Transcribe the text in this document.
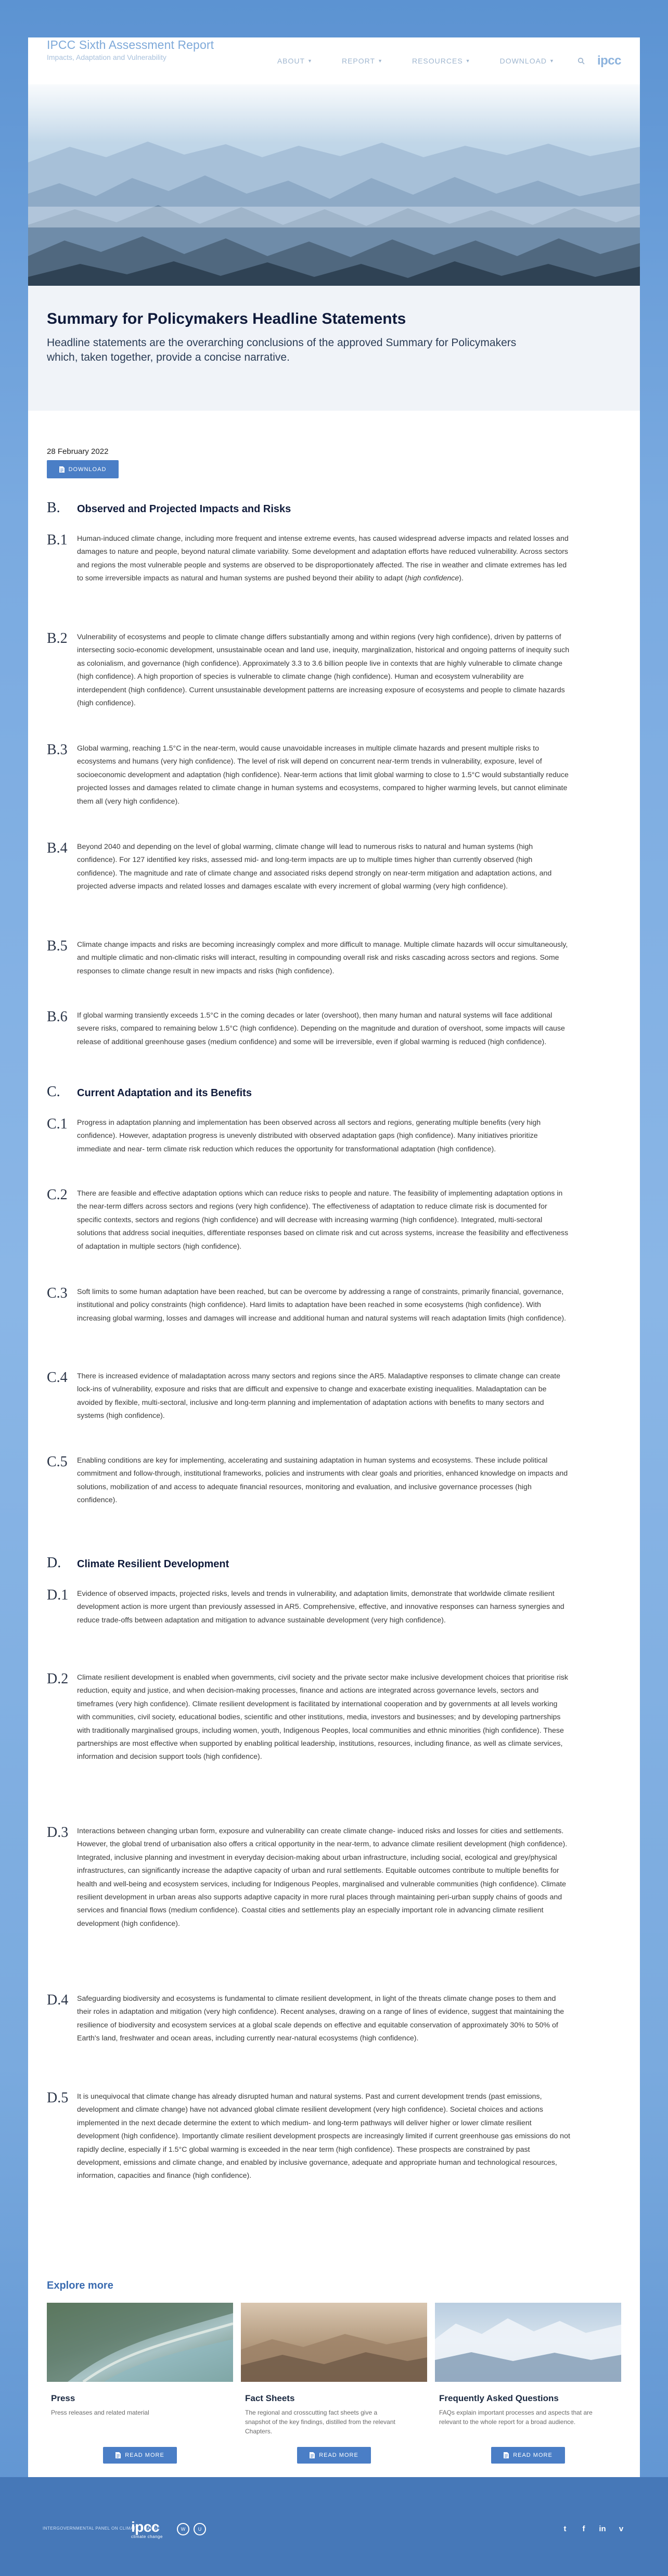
IPCC Sixth Assessment Report
Impacts, Adaptation and Vulnerability	ABOUT ▼	REPORT ▼	RESOURCES ▼	DOWNLOAD ▼	ipcc
Summary for Policymakers Headline Statements

Headline statements are the overarching conclusions of the approved Summary for Policymakers which, taken together, provide a concise narrative.

28 February 2022
DOWNLOAD
B.	Observed and Projected Impacts and Risks
B.1	Human-induced climate change, including more frequent and intense extreme events, has caused widespread adverse impacts and related losses and damages to nature and people, beyond natural climate variability. Some development and adaptation efforts have reduced vulnerability. Across sectors and regions the most vulnerable people and systems are observed to be disproportionately affected. The rise in weather and climate extremes has led to some irreversible impacts as natural and human systems are pushed beyond their ability to adapt (high confidence).
B.2	Vulnerability of ecosystems and people to climate change differs substantially among and within regions (very high confidence), driven by patterns of intersecting socio-economic development, unsustainable ocean and land use, inequity, marginalization, historical and ongoing patterns of inequity such as colonialism, and governance (high confidence). Approximately 3.3 to 3.6 billion people live in contexts that are highly vulnerable to climate change (high confidence). A high proportion of species is vulnerable to climate change (high confidence). Human and ecosystem vulnerability are interdependent (high confidence). Current unsustainable development patterns are increasing exposure of ecosystems and people to climate hazards (high confidence).
B.3	Global warming, reaching 1.5°C in the near-term, would cause unavoidable increases in multiple climate hazards and present multiple risks to ecosystems and humans (very high confidence). The level of risk will depend on concurrent near-term trends in vulnerability, exposure, level of socioeconomic development and adaptation (high confidence). Near-term actions that limit global warming to close to 1.5°C would substantially reduce projected losses and damages related to climate change in human systems and ecosystems, compared to higher warming levels, but cannot eliminate them all (very high confidence).
B.4	Beyond 2040 and depending on the level of global warming, climate change will lead to numerous risks to natural and human systems (high confidence). For 127 identified key risks, assessed mid- and long-term impacts are up to multiple times higher than currently observed (high confidence). The magnitude and rate of climate change and associated risks depend strongly on near-term mitigation and adaptation actions, and projected adverse impacts and related losses and damages escalate with every increment of global warming (very high confidence).
B.5	Climate change impacts and risks are becoming increasingly complex and more difficult to manage. Multiple climate hazards will occur simultaneously, and multiple climatic and non-climatic risks will interact, resulting in compounding overall risk and risks cascading across sectors and regions. Some responses to climate change result in new impacts and risks (high confidence).
B.6	If global warming transiently exceeds 1.5°C in the coming decades or later (overshoot), then many human and natural systems will face additional severe risks, compared to remaining below 1.5°C (high confidence). Depending on the magnitude and duration of overshoot, some impacts will cause release of additional greenhouse gases (medium confidence) and some will be irreversible, even if global warming is reduced (high confidence).
C.	Current Adaptation and its Benefits
C.1	Progress in adaptation planning and implementation has been observed across all sectors and regions, generating multiple benefits (very high confidence). However, adaptation progress is unevenly distributed with observed adaptation gaps (high confidence). Many initiatives prioritize immediate and near- term climate risk reduction which reduces the opportunity for transformational adaptation (high confidence).
C.2	There are feasible and effective adaptation options which can reduce risks to people and nature. The feasibility of implementing adaptation options in the near-term differs across sectors and regions (very high confidence). The effectiveness of adaptation to reduce climate risk is documented for specific contexts, sectors and regions (high confidence) and will decrease with increasing warming (high confidence). Integrated, multi-sectoral solutions that address social inequities, differentiate responses based on climate risk and cut across systems, increase the feasibility and effectiveness of adaptation in multiple sectors (high confidence).
C.3	Soft limits to some human adaptation have been reached, but can be overcome by addressing a range of constraints, primarily financial, governance, institutional and policy constraints (high confidence). Hard limits to adaptation have been reached in some ecosystems (high confidence). With increasing global warming, losses and damages will increase and additional human and natural systems will reach adaptation limits (high confidence).
C.4	There is increased evidence of maladaptation across many sectors and regions since the AR5. Maladaptive responses to climate change can create lock-ins of vulnerability, exposure and risks that are difficult and expensive to change and exacerbate existing inequalities. Maladaptation can be avoided by flexible, multi-sectoral, inclusive and long-term planning and implementation of adaptation actions with benefits to many sectors and systems (high confidence).
C.5	Enabling conditions are key for implementing, accelerating and sustaining adaptation in human systems and ecosystems. These include political commitment and follow-through, institutional frameworks, policies and instruments with clear goals and priorities, enhanced knowledge on impacts and solutions, mobilization of and access to adequate financial resources, monitoring and evaluation, and inclusive governance processes (high confidence).
D.	Climate Resilient Development
D.1	Evidence of observed impacts, projected risks, levels and trends in vulnerability, and adaptation limits, demonstrate that worldwide climate resilient development action is more urgent than previously assessed in AR5. Comprehensive, effective, and innovative responses can harness synergies and reduce trade-offs between adaptation and mitigation to advance sustainable development (very high confidence).
D.2	Climate resilient development is enabled when governments, civil society and the private sector make inclusive development choices that prioritise risk reduction, equity and justice, and when decision-making processes, finance and actions are integrated across governance levels, sectors and timeframes (very high confidence). Climate resilient development is facilitated by international cooperation and by governments at all levels working with communities, civil society, educational bodies, scientific and other institutions, media, investors and businesses; and by developing partnerships with traditionally marginalised groups, including women, youth, Indigenous Peoples, local communities and ethnic minorities (high confidence). These partnerships are most effective when supported by enabling political leadership, institutions, resources, including finance, as well as climate services, information and decision support tools (high confidence).
D.3	Interactions between changing urban form, exposure and vulnerability can create climate change- induced risks and losses for cities and settlements. However, the global trend of urbanisation also offers a critical opportunity in the near-term, to advance climate resilient development (high confidence). Integrated, inclusive planning and investment in everyday decision-making about urban infrastructure, including social, ecological and grey/physical infrastructures, can significantly increase the adaptive capacity of urban and rural settlements. Equitable outcomes contribute to multiple benefits for health and well-being and ecosystem services, including for Indigenous Peoples, marginalised and vulnerable communities (high confidence). Climate resilient development in urban areas also supports adaptive capacity in more rural places through maintaining peri-urban supply chains of goods and services and financial flows (medium confidence). Coastal cities and settlements play an especially important role in advancing climate resilient development (high confidence).
D.4	Safeguarding biodiversity and ecosystems is fundamental to climate resilient development, in light of the threats climate change poses to them and their roles in adaptation and mitigation (very high confidence). Recent analyses, drawing on a range of lines of evidence, suggest that maintaining the resilience of biodiversity and ecosystem services at a global scale depends on effective and equitable conservation of approximately 30% to 50% of Earth's land, freshwater and ocean areas, including currently near-natural ecosystems (high confidence).
D.5	It is unequivocal that climate change has already disrupted human and natural systems. Past and current development trends (past emissions, development and climate change) have not advanced global climate resilient development (very high confidence). Societal choices and actions implemented in the next decade determine the extent to which medium- and long-term pathways will deliver higher or lower climate resilient development (high confidence). Importantly climate resilient development prospects are increasingly limited if current greenhouse gas emissions do not rapidly decline, especially if 1.5°C global warming is exceeded in the near term (high confidence). These prospects are constrained by past development, emissions and climate change, and enabled by inclusive governance, adequate and appropriate human and technological resources, information, capacities and finance (high confidence).
Explore more
Press
Press releases and related material
READ MORE
Fact Sheets
The regional and crosscutting fact sheets give a snapshot of the key findings, distilled from the relevant Chapters.
READ MORE
Frequently Asked Questions
FAQs explain important processes and aspects that are relevant to the whole report for a broad audience.
READ MORE
INTERGOVERNMENTAL PANEL ON CLIMATE CHANGE
ipcc
climate change
W	U	t	f	in	v
